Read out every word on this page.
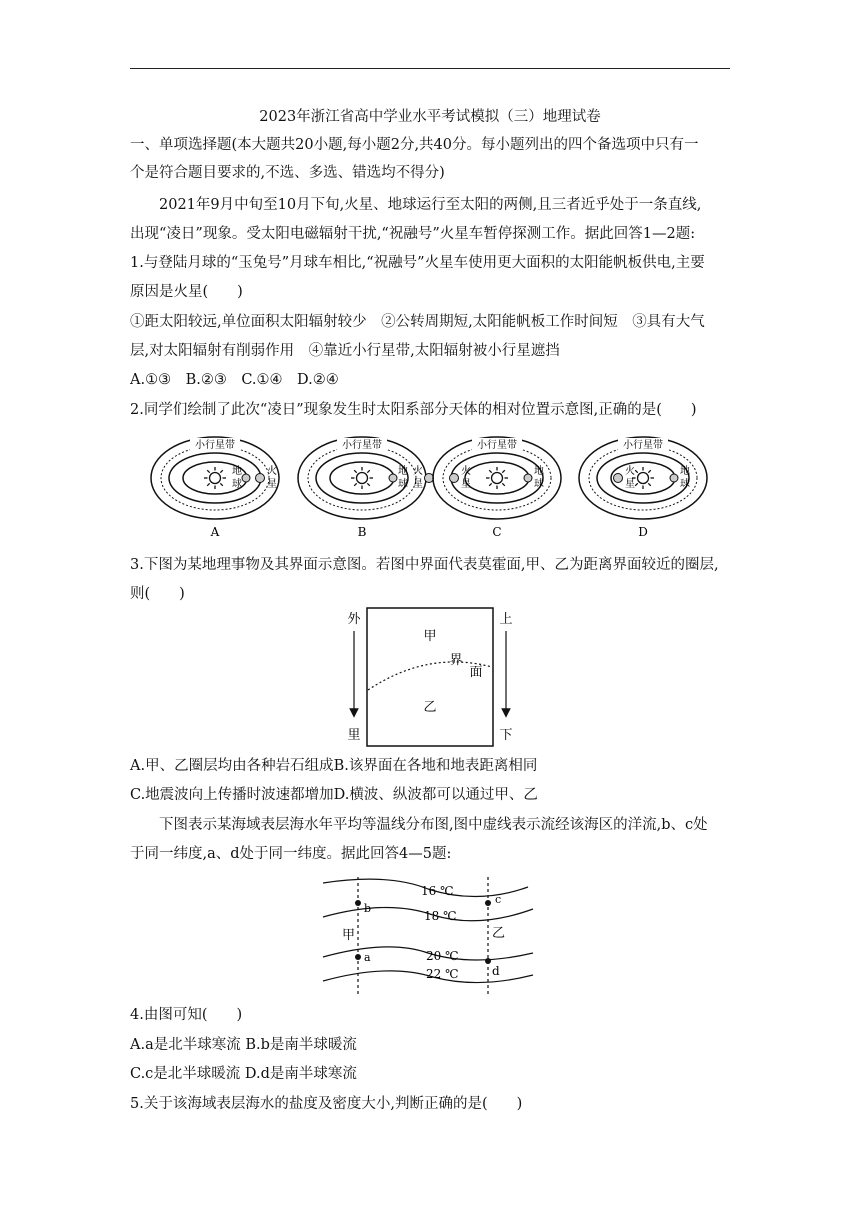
2023年浙江省高中学业水平考试模拟（三）地理试卷
一、单项选择题(本大题共20小题,每小题2分,共40分。每小题列出的四个备选项中只有一
个是符合题目要求的,不选、多选、错选均不得分)
2021年9月中旬至10月下旬,火星、地球运行至太阳的两侧,且三者近乎处于一条直线,
出现“凌日”现象。受太阳电磁辐射干扰,“祝融号”火星车暂停探测工作。据此回答1—2题:
1.与登陆月球的“玉兔号”月球车相比,“祝融号”火星车使用更大面积的太阳能帆板供电,主要
原因是火星(　　)
①距太阳较远,单位面积太阳辐射较少　②公转周期短,太阳能帆板工作时间短　③具有大气
层,对太阳辐射有削弱作用　④靠近小行星带,太阳辐射被小行星遮挡
A.①③　B.②③　C.①④　D.②④
2.同学们绘制了此次“凌日”现象发生时太阳系部分天体的相对位置示意图,正确的是(　　)
小行星带
地
球
火
星
A
小行星带
地
球
火
星
B
小行星带
地
球
火
星
C
小行星带
地
球
火
星
D
3.下图为某地理事物及其界面示意图。若图中界面代表莫霍面,甲、乙为距离界面较近的圈层,
则(　　)
外
里
上
下
甲
乙
界
面
A.甲、乙圈层均由各种岩石组成B.该界面在各地和地表距离相同
C.地震波向上传播时波速都增加D.横波、纵波都可以通过甲、乙
下图表示某海域表层海水年平均等温线分布图,图中虚线表示流经该海区的洋流,b、c处
于同一纬度,a、d处于同一纬度。据此回答4—5题:
b
a
c
d
甲	乙
16 ℃
18 ℃
20 ℃
22 ℃
4.由图可知(　　)
A.a是北半球寒流 B.b是南半球暖流
C.c是北半球暖流 D.d是南半球寒流
5.关于该海域表层海水的盐度及密度大小,判断正确的是(　　)
